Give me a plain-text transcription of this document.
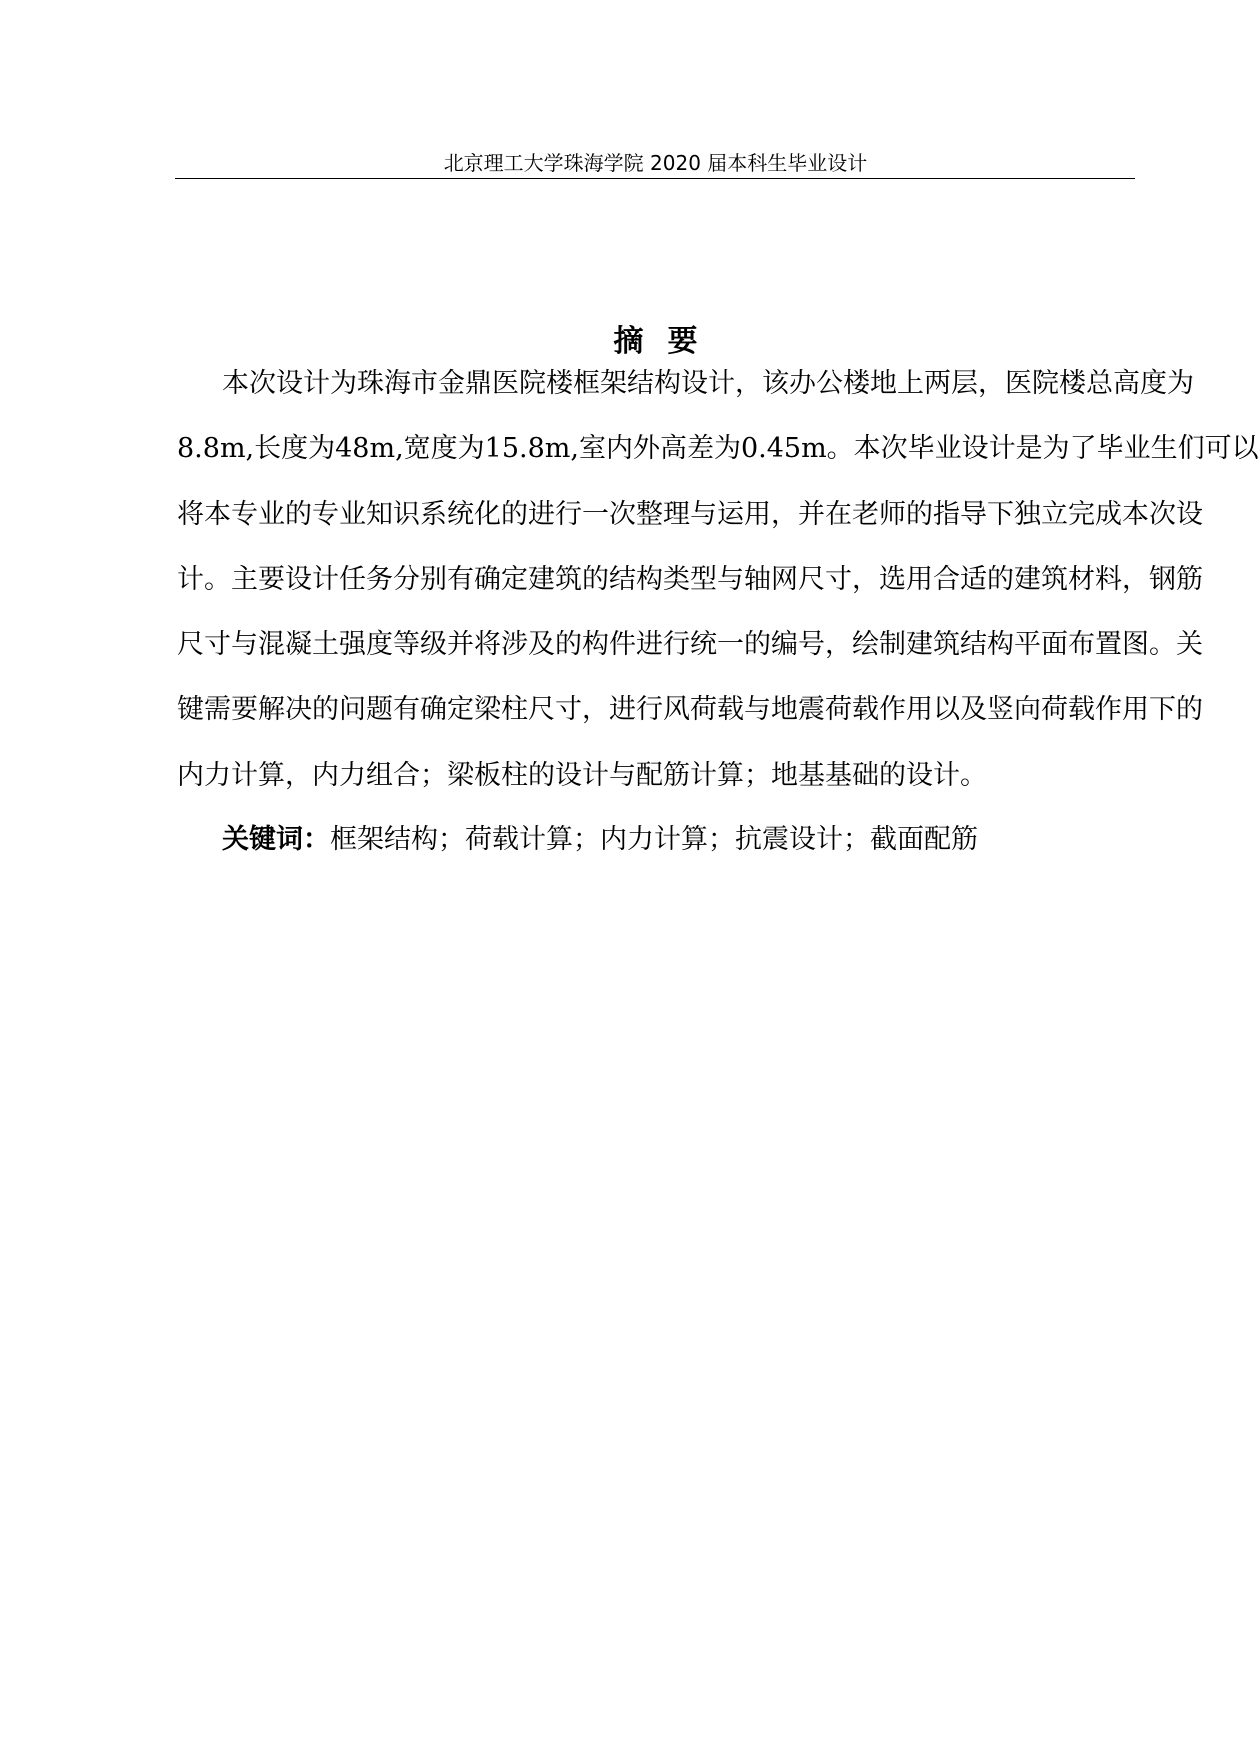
北京理工大学珠海学院 2020 届本科生毕业设计
摘要
本次设计为珠海市金鼎医院楼框架结构设计，该办公楼地上两层，医院楼总高度为
8.8m,长度为48m,宽度为15.8m,室内外高差为0.45m。本次毕业设计是为了毕业生们可以
将本专业的专业知识系统化的进行一次整理与运用，并在老师的指导下独立完成本次设
计。主要设计任务分别有确定建筑的结构类型与轴网尺寸，选用合适的建筑材料，钢筋
尺寸与混凝土强度等级并将涉及的构件进行统一的编号，绘制建筑结构平面布置图。关
键需要解决的问题有确定梁柱尺寸，进行风荷载与地震荷载作用以及竖向荷载作用下的
内力计算，内力组合；梁板柱的设计与配筋计算；地基基础的设计。
关键词：框架结构；荷载计算；内力计算；抗震设计；截面配筋
